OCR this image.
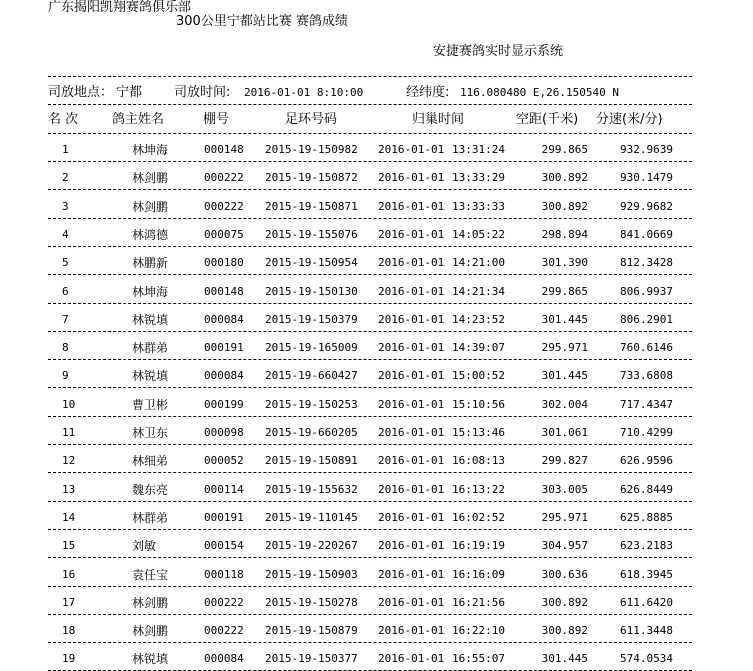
广东揭阳凯翔赛鸽俱乐部
300公里宁都站比赛 赛鸽成绩
安捷赛鸽实时显示系统
司放地点： 宁都 司放时间: 2016-01-01 8:10:00	经纬度: 116.080480 E,26.150540 N
名 次	鸽主姓名	棚号	足环号码	归巢时间	空距(千米) 分速(米/分)
1	林坤海	000148	2015-19-150982	2016-01-01 13:31:24	299.865	932.9639
2	林剑鹏	000222	2015-19-150872	2016-01-01 13:33:29	300.892	930.1479
3	林剑鹏	000222	2015-19-150871	2016-01-01 13:33:33	300.892	929.9682
4	林鸿德	000075	2015-19-155076	2016-01-01 14:05:22	298.894	841.0669
5	林鹏新	000180	2015-19-150954	2016-01-01 14:21:00	301.390	812.3428
6	林坤海	000148	2015-19-150130	2016-01-01 14:21:34	299.865	806.9937
7	林锐填	000084	2015-19-150379	2016-01-01 14:23:52	301.445	806.2901
8	林群弟	000191	2015-19-165009	2016-01-01 14:39:07	295.971	760.6146
9	林锐填	000084	2015-19-660427	2016-01-01 15:00:52	301.445	733.6808
10	曹卫彬	000199	2015-19-150253	2016-01-01 15:10:56	302.004	717.4347
11	林卫东	000098	2015-19-660205	2016-01-01 15:13:46	301.061	710.4299
12	林细弟	000052	2015-19-150891	2016-01-01 16:08:13	299.827	626.9596
13	魏东亮	000114	2015-19-155632	2016-01-01 16:13:22	303.005	626.8449
14	林群弟	000191	2015-19-110145	2016-01-01 16:02:52	295.971	625.8885
15	刘敏	000154	2015-19-220267	2016-01-01 16:19:19	304.957	623.2183
16	袁任宝	000118	2015-19-150903	2016-01-01 16:16:09	300.636	618.3945
17	林剑鹏	000222	2015-19-150278	2016-01-01 16:21:56	300.892	611.6420
18	林剑鹏	000222	2015-19-150879	2016-01-01 16:22:10	300.892	611.3448
19	林锐填	000084	2015-19-150377	2016-01-01 16:55:07	301.445	574.0534
